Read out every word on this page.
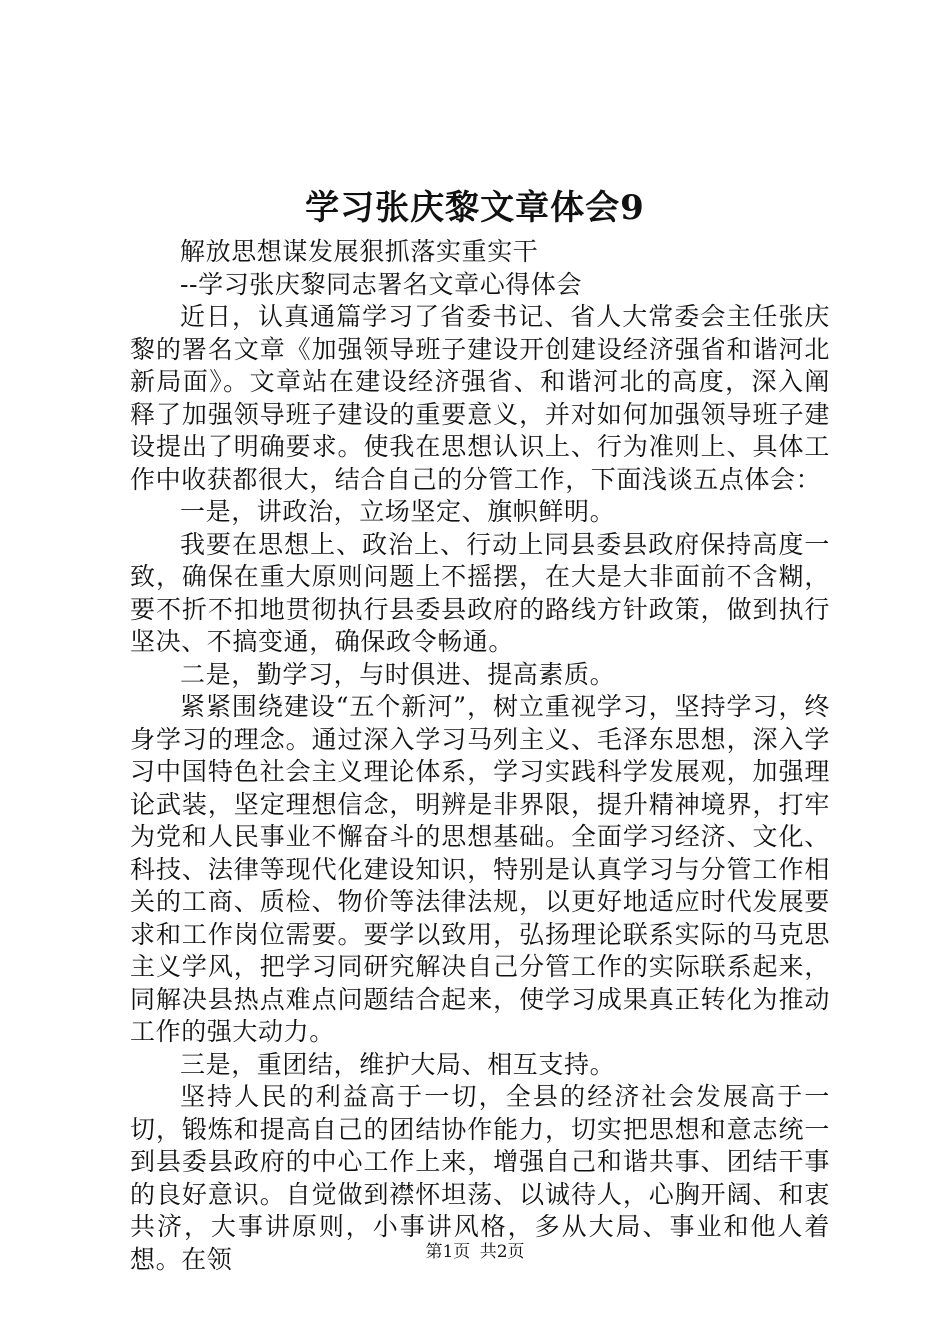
学习张庆黎文章体会9

解放思想谋发展狠抓落实重实干

--学习张庆黎同志署名文章心得体会

近日，认真通篇学习了省委书记、省人大常委会主任张庆黎的署名文章《加强领导班子建设开创建设经济强省和谐河北新局面》。文章站在建设经济强省、和谐河北的高度，深入阐释了加强领导班子建设的重要意义，并对如何加强领导班子建设提出了明确要求。使我在思想认识上、行为准则上、具体工作中收获都很大，结合自己的分管工作，下面浅谈五点体会：

一是，讲政治，立场坚定、旗帜鲜明。

我要在思想上、政治上、行动上同县委县政府保持高度一致，确保在重大原则问题上不摇摆，在大是大非面前不含糊，要不折不扣地贯彻执行县委县政府的路线方针政策，做到执行坚决、不搞变通，确保政令畅通。

二是，勤学习，与时俱进、提高素质。

紧紧围绕建设“五个新河”，树立重视学习，坚持学习，终身学习的理念。通过深入学习马列主义、毛泽东思想，深入学习中国特色社会主义理论体系，学习实践科学发展观，加强理论武装，坚定理想信念，明辨是非界限，提升精神境界，打牢为党和人民事业不懈奋斗的思想基础。全面学习经济、文化、科技、法律等现代化建设知识，特别是认真学习与分管工作相关的工商、质检、物价等法律法规，以更好地适应时代发展要求和工作岗位需要。要学以致用，弘扬理论联系实际的马克思主义学风，把学习同研究解决自己分管工作的实际联系起来，同解决县热点难点问题结合起来，使学习成果真正转化为推动工作的强大动力。

三是，重团结，维护大局、相互支持。

坚持人民的利益高于一切，全县的经济社会发展高于一切，锻炼和提高自己的团结协作能力，切实把思想和意志统一到县委县政府的中心工作上来，增强自己和谐共事、团结干事的良好意识。自觉做到襟怀坦荡、以诚待人，心胸开阔、和衷共济，大事讲原则，小事讲风格，多从大局、事业和他人着想。在领	第1页 共2页
